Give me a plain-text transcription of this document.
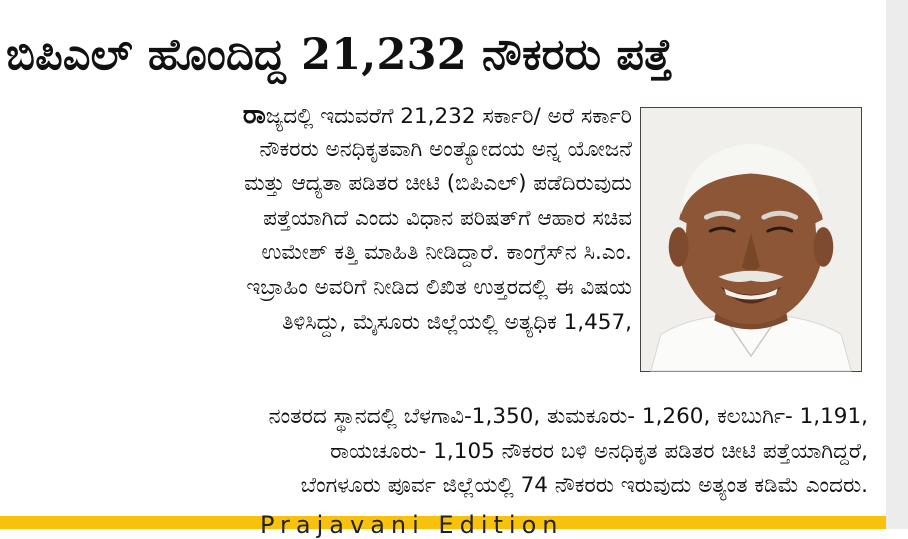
ಬಿಪಿಎಲ್ ಹೊಂದಿದ್ದ 21,232 ನೌಕರರು ಪತ್ತೆ
ರಾಜ್ಯದಲ್ಲಿ ಇದುವರೆಗೆ 21,232 ಸರ್ಕಾರಿ/ ಅರೆ ಸರ್ಕಾರಿ
ನೌಕರರು ಅನಧಿಕೃತವಾಗಿ ಅಂತ್ಯೋದಯ ಅನ್ನ ಯೋಜನೆ
ಮತ್ತು ಆದ್ಯತಾ ಪಡಿತರ ಚೀಟಿ (ಬಿಪಿಎಲ್) ಪಡೆದಿರುವುದು
ಪತ್ತೆಯಾಗಿದೆ ಎಂದು ವಿಧಾನ ಪರಿಷತ್‌ಗೆ ಆಹಾರ ಸಚಿವ
ಉಮೇಶ್ ಕತ್ತಿ ಮಾಹಿತಿ ನೀಡಿದ್ದಾರೆ. ಕಾಂಗ್ರೆಸ್‌ನ ಸಿ.ಎಂ.
ಇಬ್ರಾಹಿಂ ಅವರಿಗೆ ನೀಡಿದ ಲಿಖಿತ ಉತ್ತರದಲ್ಲಿ ಈ ವಿಷಯ
ತಿಳಿಸಿದ್ದು, ಮೈಸೂರು ಜಿಲ್ಲೆಯಲ್ಲಿ ಅತ್ಯಧಿಕ 1,457,
ನಂತರದ ಸ್ಥಾನದಲ್ಲಿ ಬೆಳಗಾವಿ-1,350, ತುಮಕೂರು- 1,260, ಕಲಬುರ್ಗಿ- 1,191,
ರಾಯಚೂರು- 1,105 ನೌಕರರ ಬಳಿ ಅನಧಿಕೃತ ಪಡಿತರ ಚೀಟಿ ಪತ್ತೆಯಾಗಿದ್ದರೆ,
ಬೆಂಗಳೂರು ಪೂರ್ವ ಜಿಲ್ಲೆಯಲ್ಲಿ 74 ನೌಕರರು ಇರುವುದು ಅತ್ಯಂತ ಕಡಿಮೆ ಎಂದರು.
Prajavani Edition
